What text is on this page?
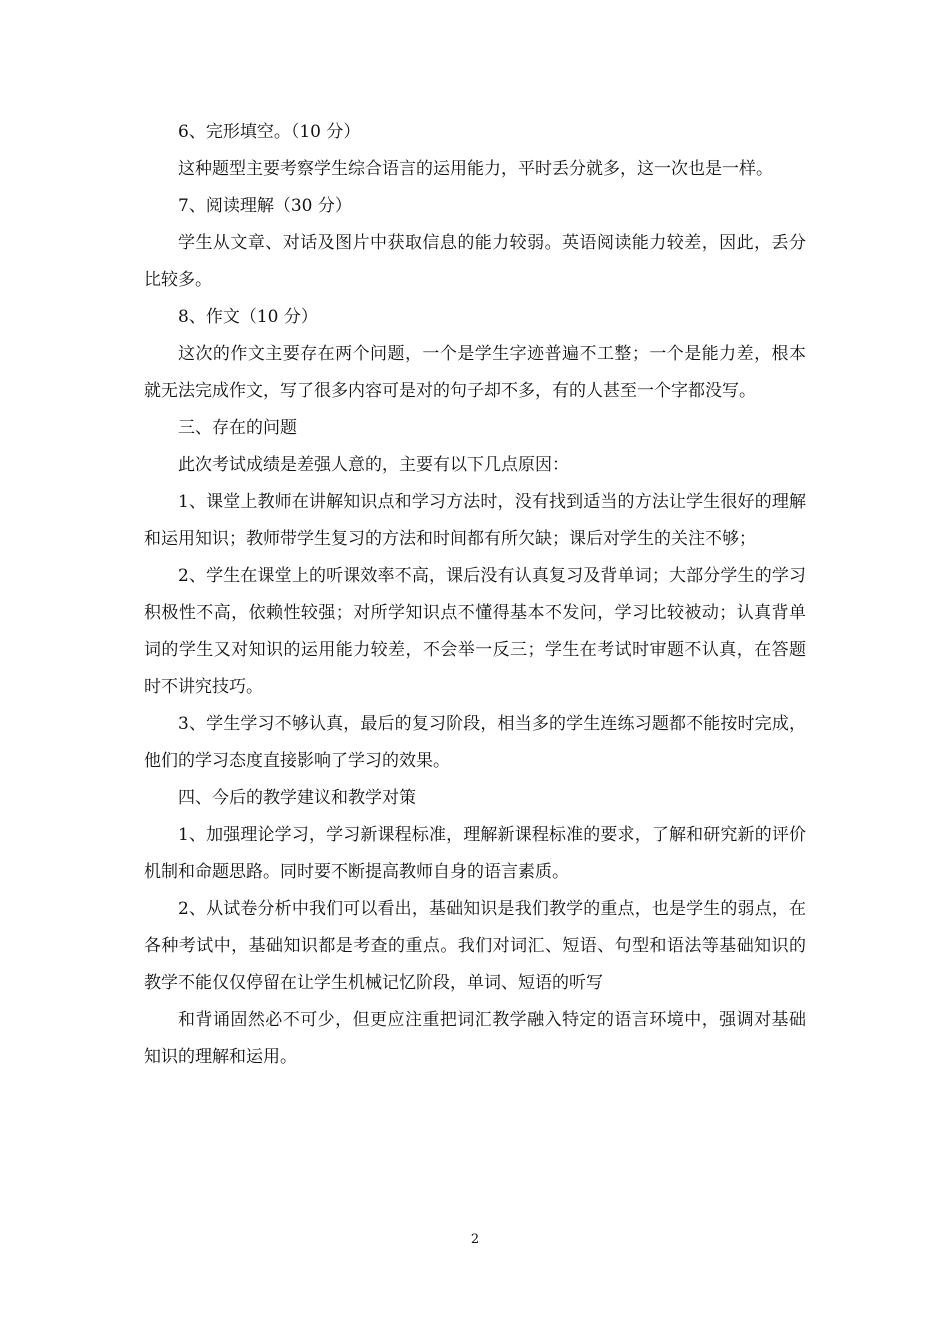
6、完形填空。（10 分）

这种题型主要考察学生综合语言的运用能力，平时丢分就多，这一次也是一样。

7、阅读理解（30 分）

学生从文章、对话及图片中获取信息的能力较弱。英语阅读能力较差，因此，丢分比较多。

8、作文（10 分）

这次的作文主要存在两个问题，一个是学生字迹普遍不工整；一个是能力差，根本就无法完成作文，写了很多内容可是对的句子却不多，有的人甚至一个字都没写。

三、存在的问题

此次考试成绩是差强人意的，主要有以下几点原因：

1、课堂上教师在讲解知识点和学习方法时，没有找到适当的方法让学生很好的理解和运用知识；教师带学生复习的方法和时间都有所欠缺；课后对学生的关注不够；

2、学生在课堂上的听课效率不高，课后没有认真复习及背单词；大部分学生的学习积极性不高，依赖性较强；对所学知识点不懂得基本不发问，学习比较被动；认真背单词的学生又对知识的运用能力较差，不会举一反三；学生在考试时审题不认真，在答题时不讲究技巧。

3、学生学习不够认真，最后的复习阶段，相当多的学生连练习题都不能按时完成，他们的学习态度直接影响了学习的效果。

四、今后的教学建议和教学对策

1、加强理论学习，学习新课程标准，理解新课程标准的要求，了解和研究新的评价机制和命题思路。同时要不断提高教师自身的语言素质。

2、从试卷分析中我们可以看出，基础知识是我们教学的重点，也是学生的弱点，在各种考试中，基础知识都是考查的重点。我们对词汇、短语、句型和语法等基础知识的教学不能仅仅停留在让学生机械记忆阶段，单词、短语的听写

和背诵固然必不可少，但更应注重把词汇教学融入特定的语言环境中，强调对基础知识的理解和运用。

2
